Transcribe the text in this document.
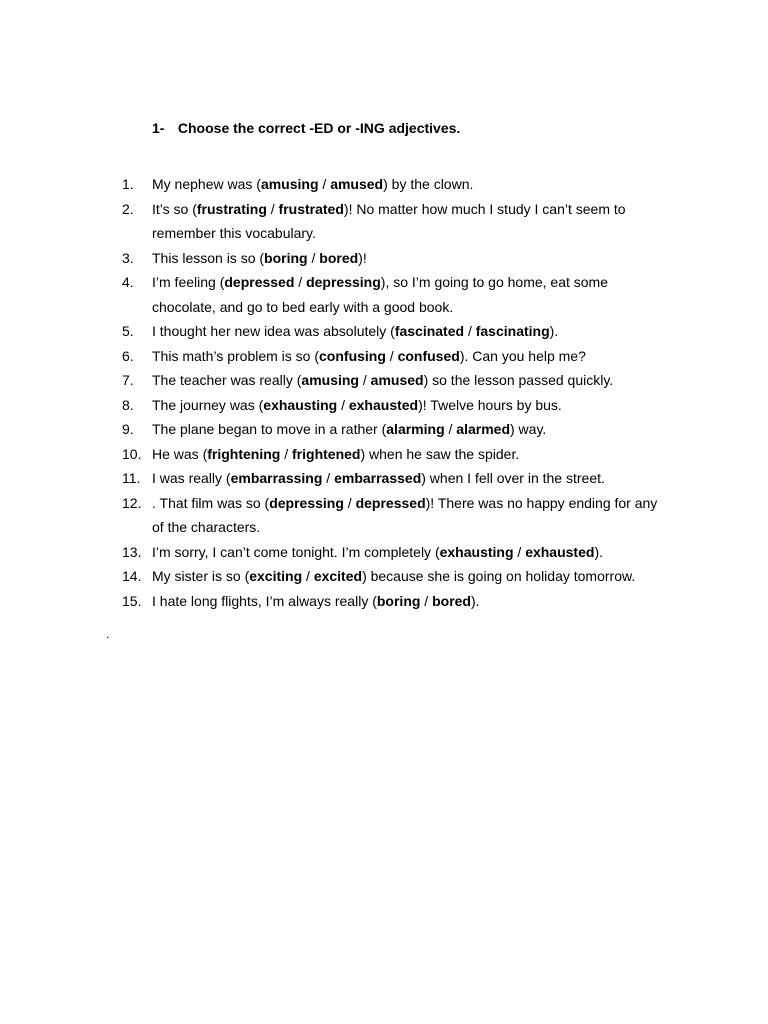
1- Choose the correct -ED or -ING adjectives.
1.	My nephew was (amusing / amused) by the clown.
2.	It’s so (frustrating / frustrated)! No matter how much I study I can’t seem to remember this vocabulary.
3.	This lesson is so (boring / bored)!
4.	I’m feeling (depressed / depressing), so I’m going to go home, eat some chocolate, and go to bed early with a good book.
5.	I thought her new idea was absolutely (fascinated / fascinating).
6.	This math’s problem is so (confusing / confused). Can you help me?
7.	The teacher was really (amusing / amused) so the lesson passed quickly.
8.	The journey was (exhausting / exhausted)! Twelve hours by bus.
9.	The plane began to move in a rather (alarming / alarmed) way.
10. He was (frightening / frightened) when he saw the spider.
11. I was really (embarrassing / embarrassed) when I fell over in the street.
12. . That film was so (depressing / depressed)! There was no happy ending for any of the characters.
13. I’m sorry, I can’t come tonight. I’m completely (exhausting / exhausted).
14. My sister is so (exciting / excited) because she is going on holiday tomorrow.
15. I hate long flights, I’m always really (boring / bored).
.
